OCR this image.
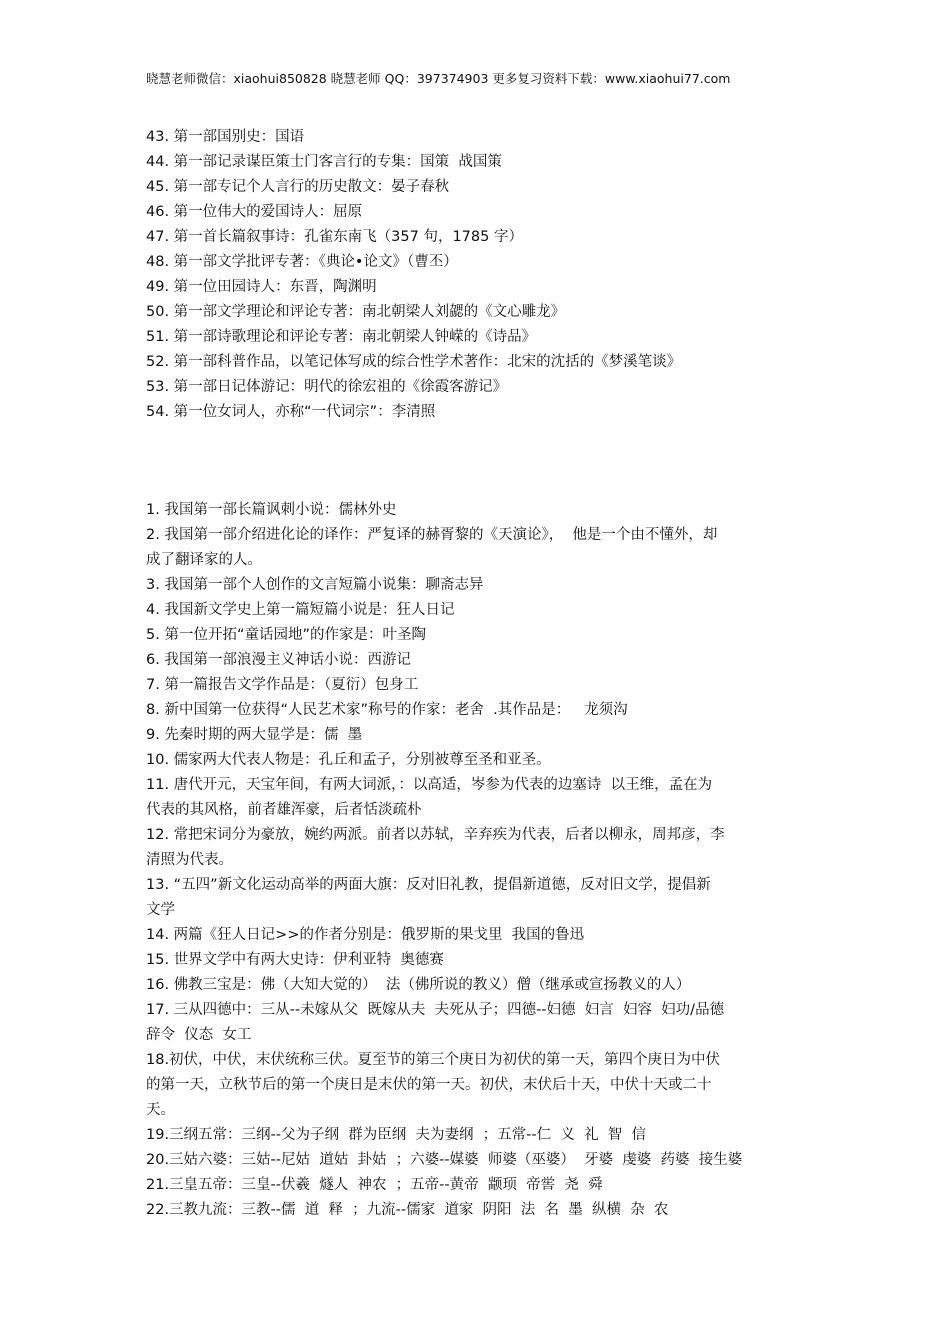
晓慧老师微信：xiaohui850828 晓慧老师 QQ：397374903 更多复习资料下载：www.xiaohui77.com
43. 第一部国别史：国语
44. 第一部记录谋臣策士门客言行的专集：国策  战国策
45. 第一部专记个人言行的历史散文：晏子春秋
46. 第一位伟大的爱国诗人：屈原
47. 第一首长篇叙事诗：孔雀东南飞（357 句，1785 字）
48. 第一部文学批评专著：《典论•论文》（曹丕）
49. 第一位田园诗人：东晋，陶渊明
50. 第一部文学理论和评论专著：南北朝梁人刘勰的《文心雕龙》
51. 第一部诗歌理论和评论专著：南北朝梁人钟嵘的《诗品》
52. 第一部科普作品，以笔记体写成的综合性学术著作：北宋的沈括的《梦溪笔谈》
53. 第一部日记体游记：明代的徐宏祖的《徐霞客游记》
54. 第一位女词人，亦称“一代词宗”：李清照
1. 我国第一部长篇讽刺小说：儒林外史
2. 我国第一部介绍进化论的译作：严复译的赫胥黎的《天演论》，  他是一个由不懂外，却
成了翻译家的人。
3. 我国第一部个人创作的文言短篇小说集：聊斋志异
4. 我国新文学史上第一篇短篇小说是：狂人日记
5. 第一位开拓“童话园地”的作家是：叶圣陶
6. 我国第一部浪漫主义神话小说：西游记
7. 第一篇报告文学作品是：（夏衍）包身工
8. 新中国第一位获得“人民艺术家”称号的作家：老舍  .其作品是：   龙须沟
9. 先秦时期的两大显学是：儒  墨
10. 儒家两大代表人物是：孔丘和孟子，分别被尊至圣和亚圣。
11. 唐代开元，天宝年间，有两大词派，：以高适，岑参为代表的边塞诗  以王维，孟在为
代表的其风格，前者雄浑豪，后者恬淡疏朴
12. 常把宋词分为豪放，婉约两派。前者以苏轼，辛弃疾为代表，后者以柳永，周邦彦，李
清照为代表。
13. “五四”新文化运动高举的两面大旗：反对旧礼教，提倡新道德，反对旧文学，提倡新
文学
14. 两篇《狂人日记>>的作者分别是：俄罗斯的果戈里  我国的鲁迅
15. 世界文学中有两大史诗：伊利亚特  奥德赛
16. 佛教三宝是：佛（大知大觉的）  法（佛所说的教义）僧（继承或宣扬教义的人）
17. 三从四德中：三从--未嫁从父  既嫁从夫  夫死从子；四德--妇德  妇言  妇容  妇功/品德
辞令  仪态  女工
18.初伏，中伏，末伏统称三伏。夏至节的第三个庚日为初伏的第一天，第四个庚日为中伏
的第一天，立秋节后的第一个庚日是末伏的第一天。初伏，末伏后十天，中伏十天或二十
天。
19.三纲五常：三纲--父为子纲  群为臣纲  夫为妻纲  ；五常--仁  义  礼  智  信
20.三姑六婆：三姑--尼姑  道姑  卦姑  ；六婆--媒婆  师婆（巫婆）  牙婆  虔婆  药婆  接生婆
21.三皇五帝：三皇--伏羲  燧人  神农  ；五帝--黄帝  颛顼  帝喾  尧  舜
22.三教九流：三教--儒  道  释  ；九流--儒家  道家  阴阳  法  名  墨  纵横  杂  农
